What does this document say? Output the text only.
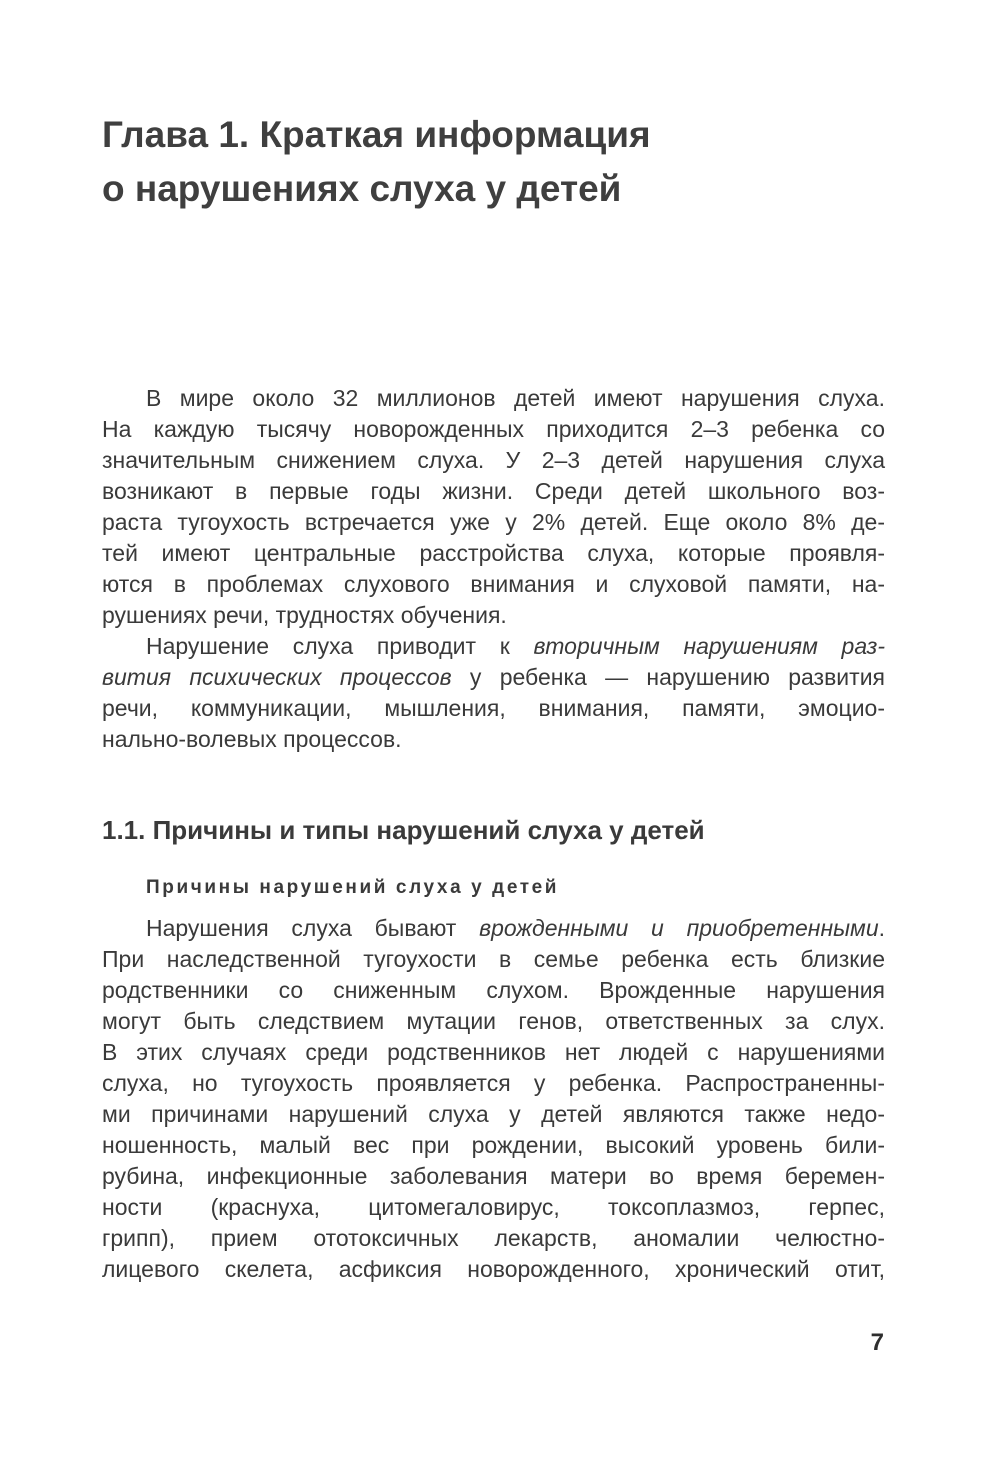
Глава 1. Краткая информация
о нарушениях слуха у детей
В мире около 32 миллионов детей имеют нарушения слуха.
На каждую тысячу новорожденных приходится 2–3 ребенка со
значительным снижением слуха. У 2–3 детей нарушения слуха
возникают в первые годы жизни. Среди детей школьного воз-
раста тугоухость встречается уже у 2% детей. Еще около 8% де-
тей имеют центральные расстройства слуха, которые проявля-
ются в проблемах слухового внимания и слуховой памяти, на-
рушениях речи, трудностях обучения.
Нарушение слуха приводит к вторичным нарушениям раз-
вития психических процессов у ребенка — нарушению развития
речи, коммуникации, мышления, внимания, памяти, эмоцио-
нально-волевых процессов.
1.1. Причины и типы нарушений слуха у детей
Причины нарушений слуха у детей
Нарушения слуха бывают врожденными и приобретенными.
При наследственной тугоухости в семье ребенка есть близкие
родственники со сниженным слухом. Врожденные нарушения
могут быть следствием мутации генов, ответственных за слух.
В этих случаях среди родственников нет людей с нарушениями
слуха, но тугоухость проявляется у ребенка. Распространенны-
ми причинами нарушений слуха у детей являются также недо-
ношенность, малый вес при рождении, высокий уровень били-
рубина, инфекционные заболевания матери во время беремен-
ности (краснуха, цитомегаловирус, токсоплазмоз, герпес,
грипп), прием ототоксичных лекарств, аномалии челюстно-
лицевого скелета, асфиксия новорожденного, хронический отит,
7
